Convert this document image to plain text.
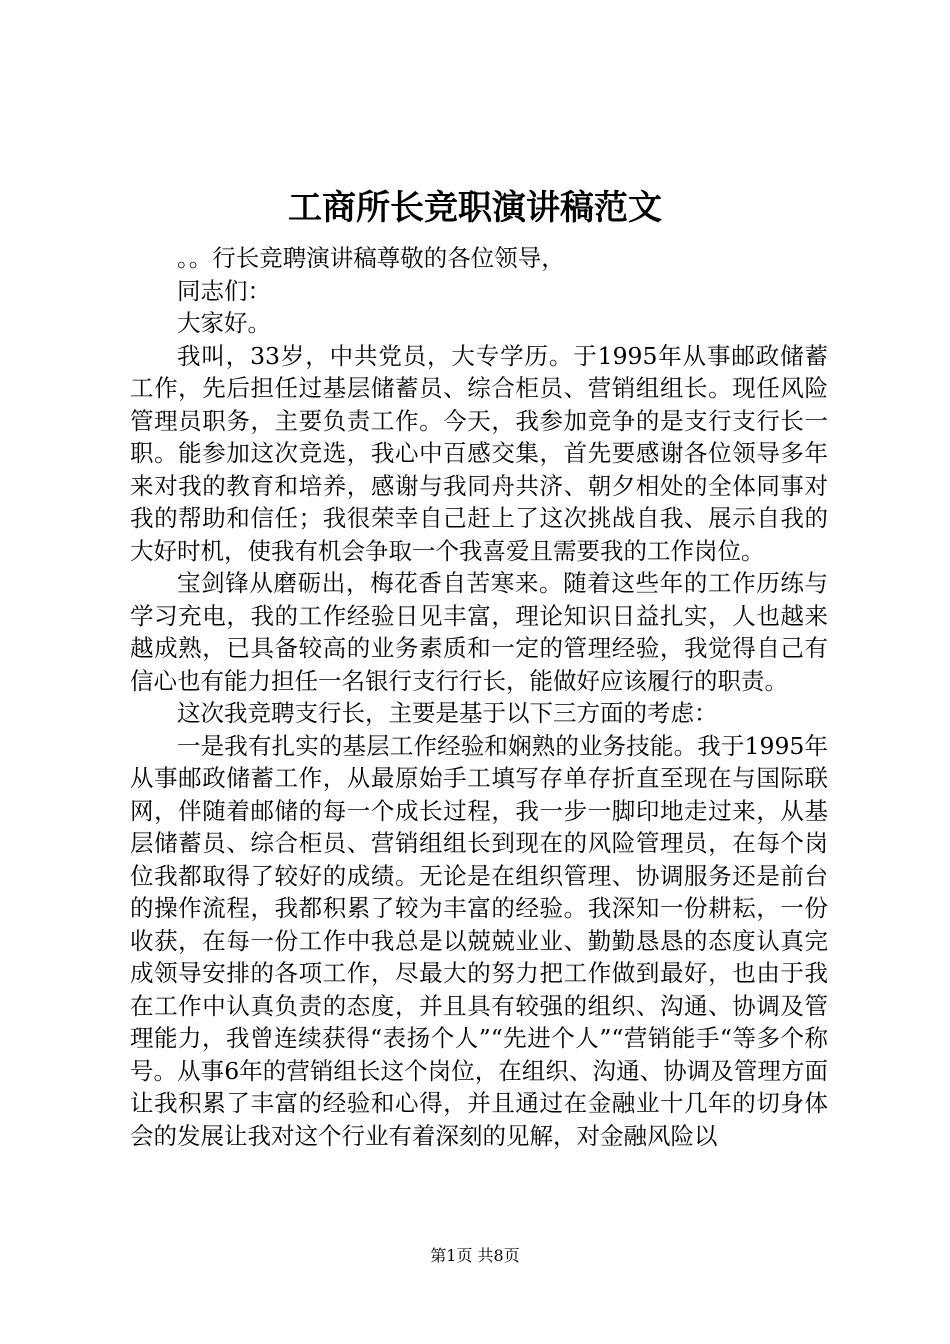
工商所长竞职演讲稿范文

。。行长竞聘演讲稿尊敬的各位领导，

同志们：

大家好。

我叫，33岁，中共党员，大专学历。于1995年从事邮政储蓄工作，先后担任过基层储蓄员、综合柜员、营销组组长。现任风险管理员职务，主要负责工作。今天，我参加竞争的是支行支行长一职。能参加这次竞选，我心中百感交集，首先要感谢各位领导多年来对我的教育和培养，感谢与我同舟共济、朝夕相处的全体同事对我的帮助和信任；我很荣幸自己赶上了这次挑战自我、展示自我的大好时机，使我有机会争取一个我喜爱且需要我的工作岗位。

宝剑锋从磨砺出，梅花香自苦寒来。随着这些年的工作历练与学习充电，我的工作经验日见丰富，理论知识日益扎实，人也越来越成熟，已具备较高的业务素质和一定的管理经验，我觉得自己有信心也有能力担任一名银行支行行长，能做好应该履行的职责。

这次我竞聘支行长，主要是基于以下三方面的考虑：

一是我有扎实的基层工作经验和娴熟的业务技能。我于1995年从事邮政储蓄工作，从最原始手工填写存单存折直至现在与国际联网，伴随着邮储的每一个成长过程，我一步一脚印地走过来，从基层储蓄员、综合柜员、营销组组长到现在的风险管理员，在每个岗位我都取得了较好的成绩。无论是在组织管理、协调服务还是前台的操作流程，我都积累了较为丰富的经验。我深知一份耕耘，一份收获，在每一份工作中我总是以兢兢业业、勤勤恳恳的态度认真完成领导安排的各项工作，尽最大的努力把工作做到最好，也由于我在工作中认真负责的态度，并且具有较强的组织、沟通、协调及管理能力，我曾连续获得“表扬个人”“先进个人”“营销能手“等多个称号。从事6年的营销组长这个岗位，在组织、沟通、协调及管理方面让我积累了丰富的经验和心得，并且通过在金融业十几年的切身体会的发展让我对这个行业有着深刻的见解，对金融风险以

第1页 共8页
